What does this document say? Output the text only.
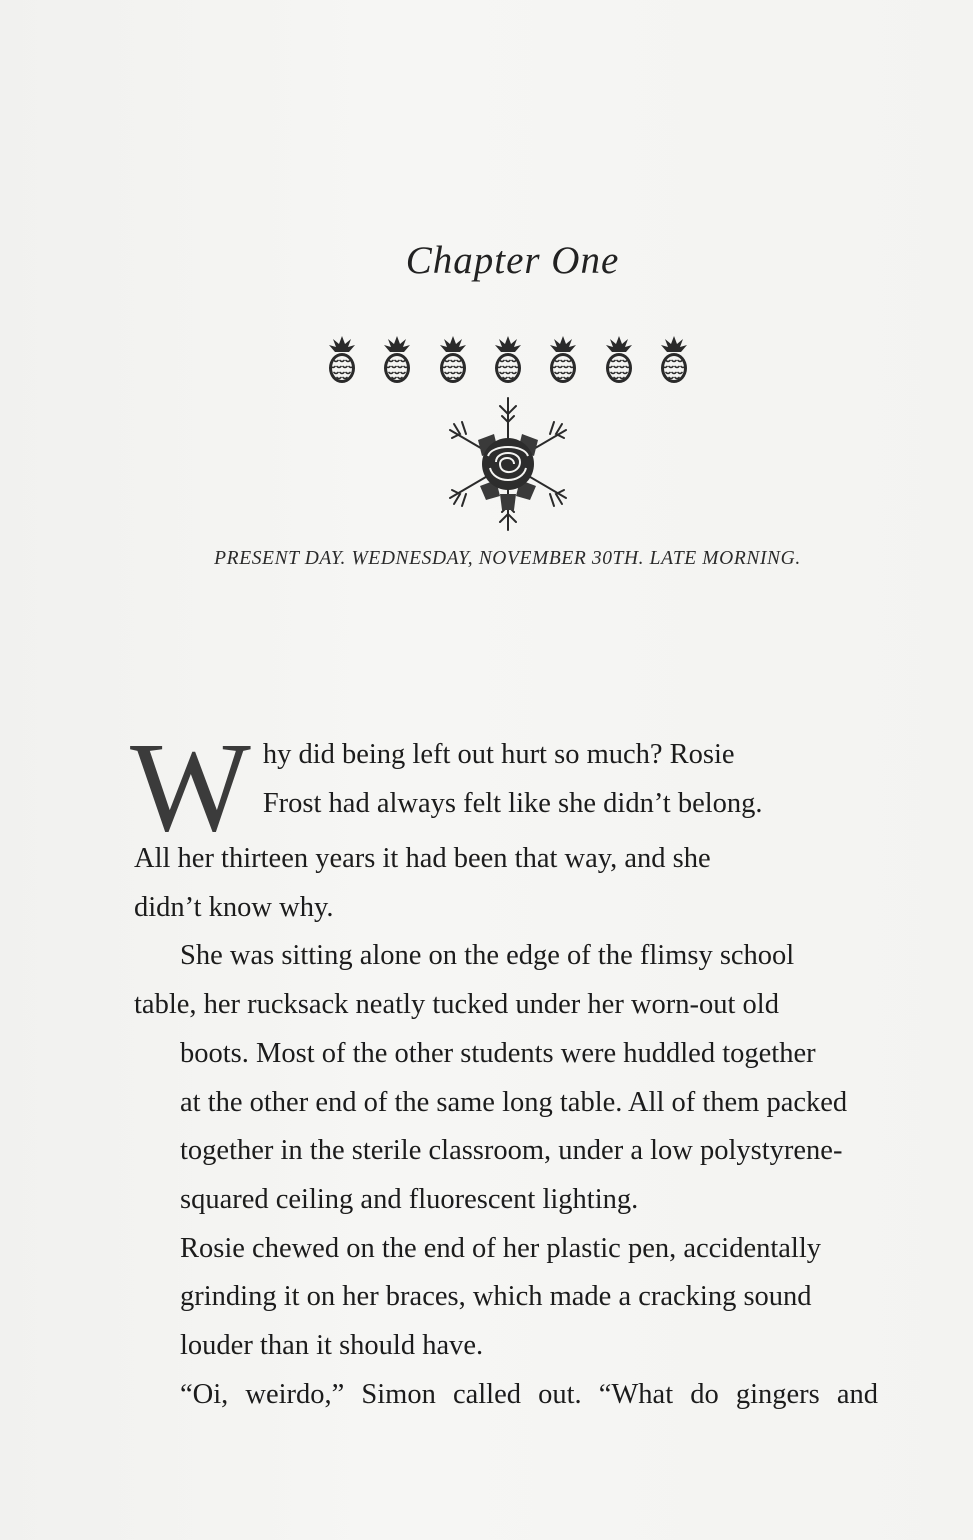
Chapter One
PRESENT DAY. WEDNESDAY, NOVEMBER 30TH. LATE MORNING.

W hy did being left out hurt so much? Rosie
Frost had always felt like she didn’t belong.
All her thirteen years it had been that way, and she
didn’t know why.

She was sitting alone on the edge of the flimsy school
table, her rucksack neatly tucked under her worn-out old
boots. Most of the other students were huddled together
at the other end of the same long table. All of them packed
together in the sterile classroom, under a low polystyrene-
squared ceiling and fluorescent lighting.

Rosie chewed on the end of her plastic pen, accidentally
grinding it on her braces, which made a cracking sound
louder than it should have.

“Oi, weirdo,” Simon called out. “What do gingers and
